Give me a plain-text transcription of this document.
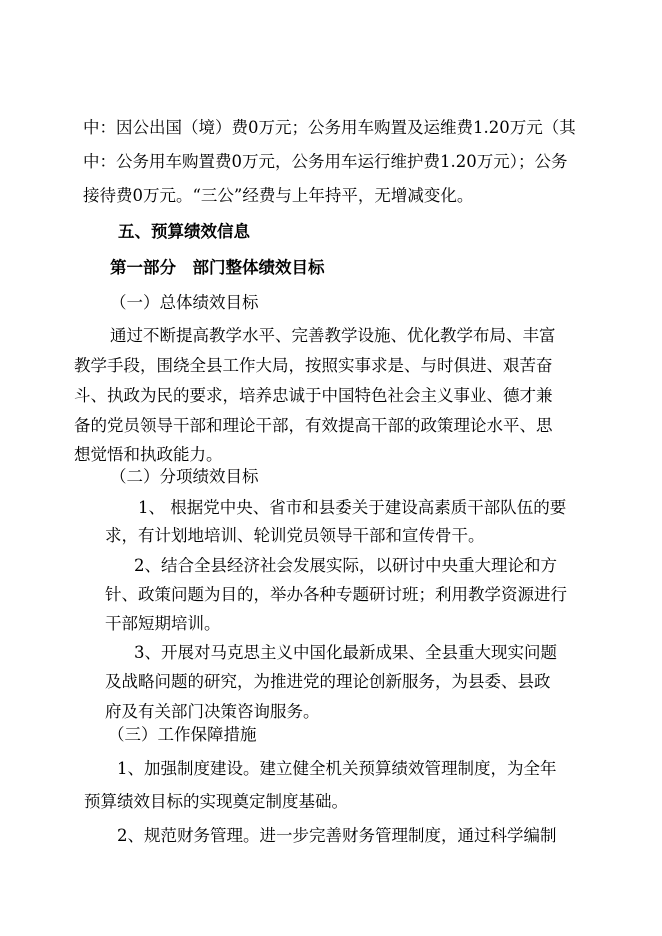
中：因公出国（境）费0万元；公务用车购置及运维费1.20万元（其
中：公务用车购置费0万元，公务用车运行维护费1.20万元）；公务
接待费0万元。“三公”经费与上年持平，无增减变化。
五、预算绩效信息
第一部分　部门整体绩效目标
（一）总体绩效目标
通过不断提高教学水平、完善教学设施、优化教学布局、丰富
教学手段，围绕全县工作大局，按照实事求是、与时俱进、艰苦奋
斗、执政为民的要求，培养忠诚于中国特色社会主义事业、德才兼
备的党员领导干部和理论干部，有效提高干部的政策理论水平、思
想觉悟和执政能力。
（二）分项绩效目标
1、 根据党中央、省市和县委关于建设高素质干部队伍的要
求，有计划地培训、轮训党员领导干部和宣传骨干。
2、结合全县经济社会发展实际，以研讨中央重大理论和方
针、政策问题为目的，举办各种专题研讨班；利用教学资源进行
干部短期培训。
3、开展对马克思主义中国化最新成果、全县重大现实问题
及战略问题的研究，为推进党的理论创新服务，为县委、县政
府及有关部门决策咨询服务。
（三）工作保障措施
1、加强制度建设。建立健全机关预算绩效管理制度，为全年
预算绩效目标的实现奠定制度基础。
2、规范财务管理。进一步完善财务管理制度，通过科学编制
